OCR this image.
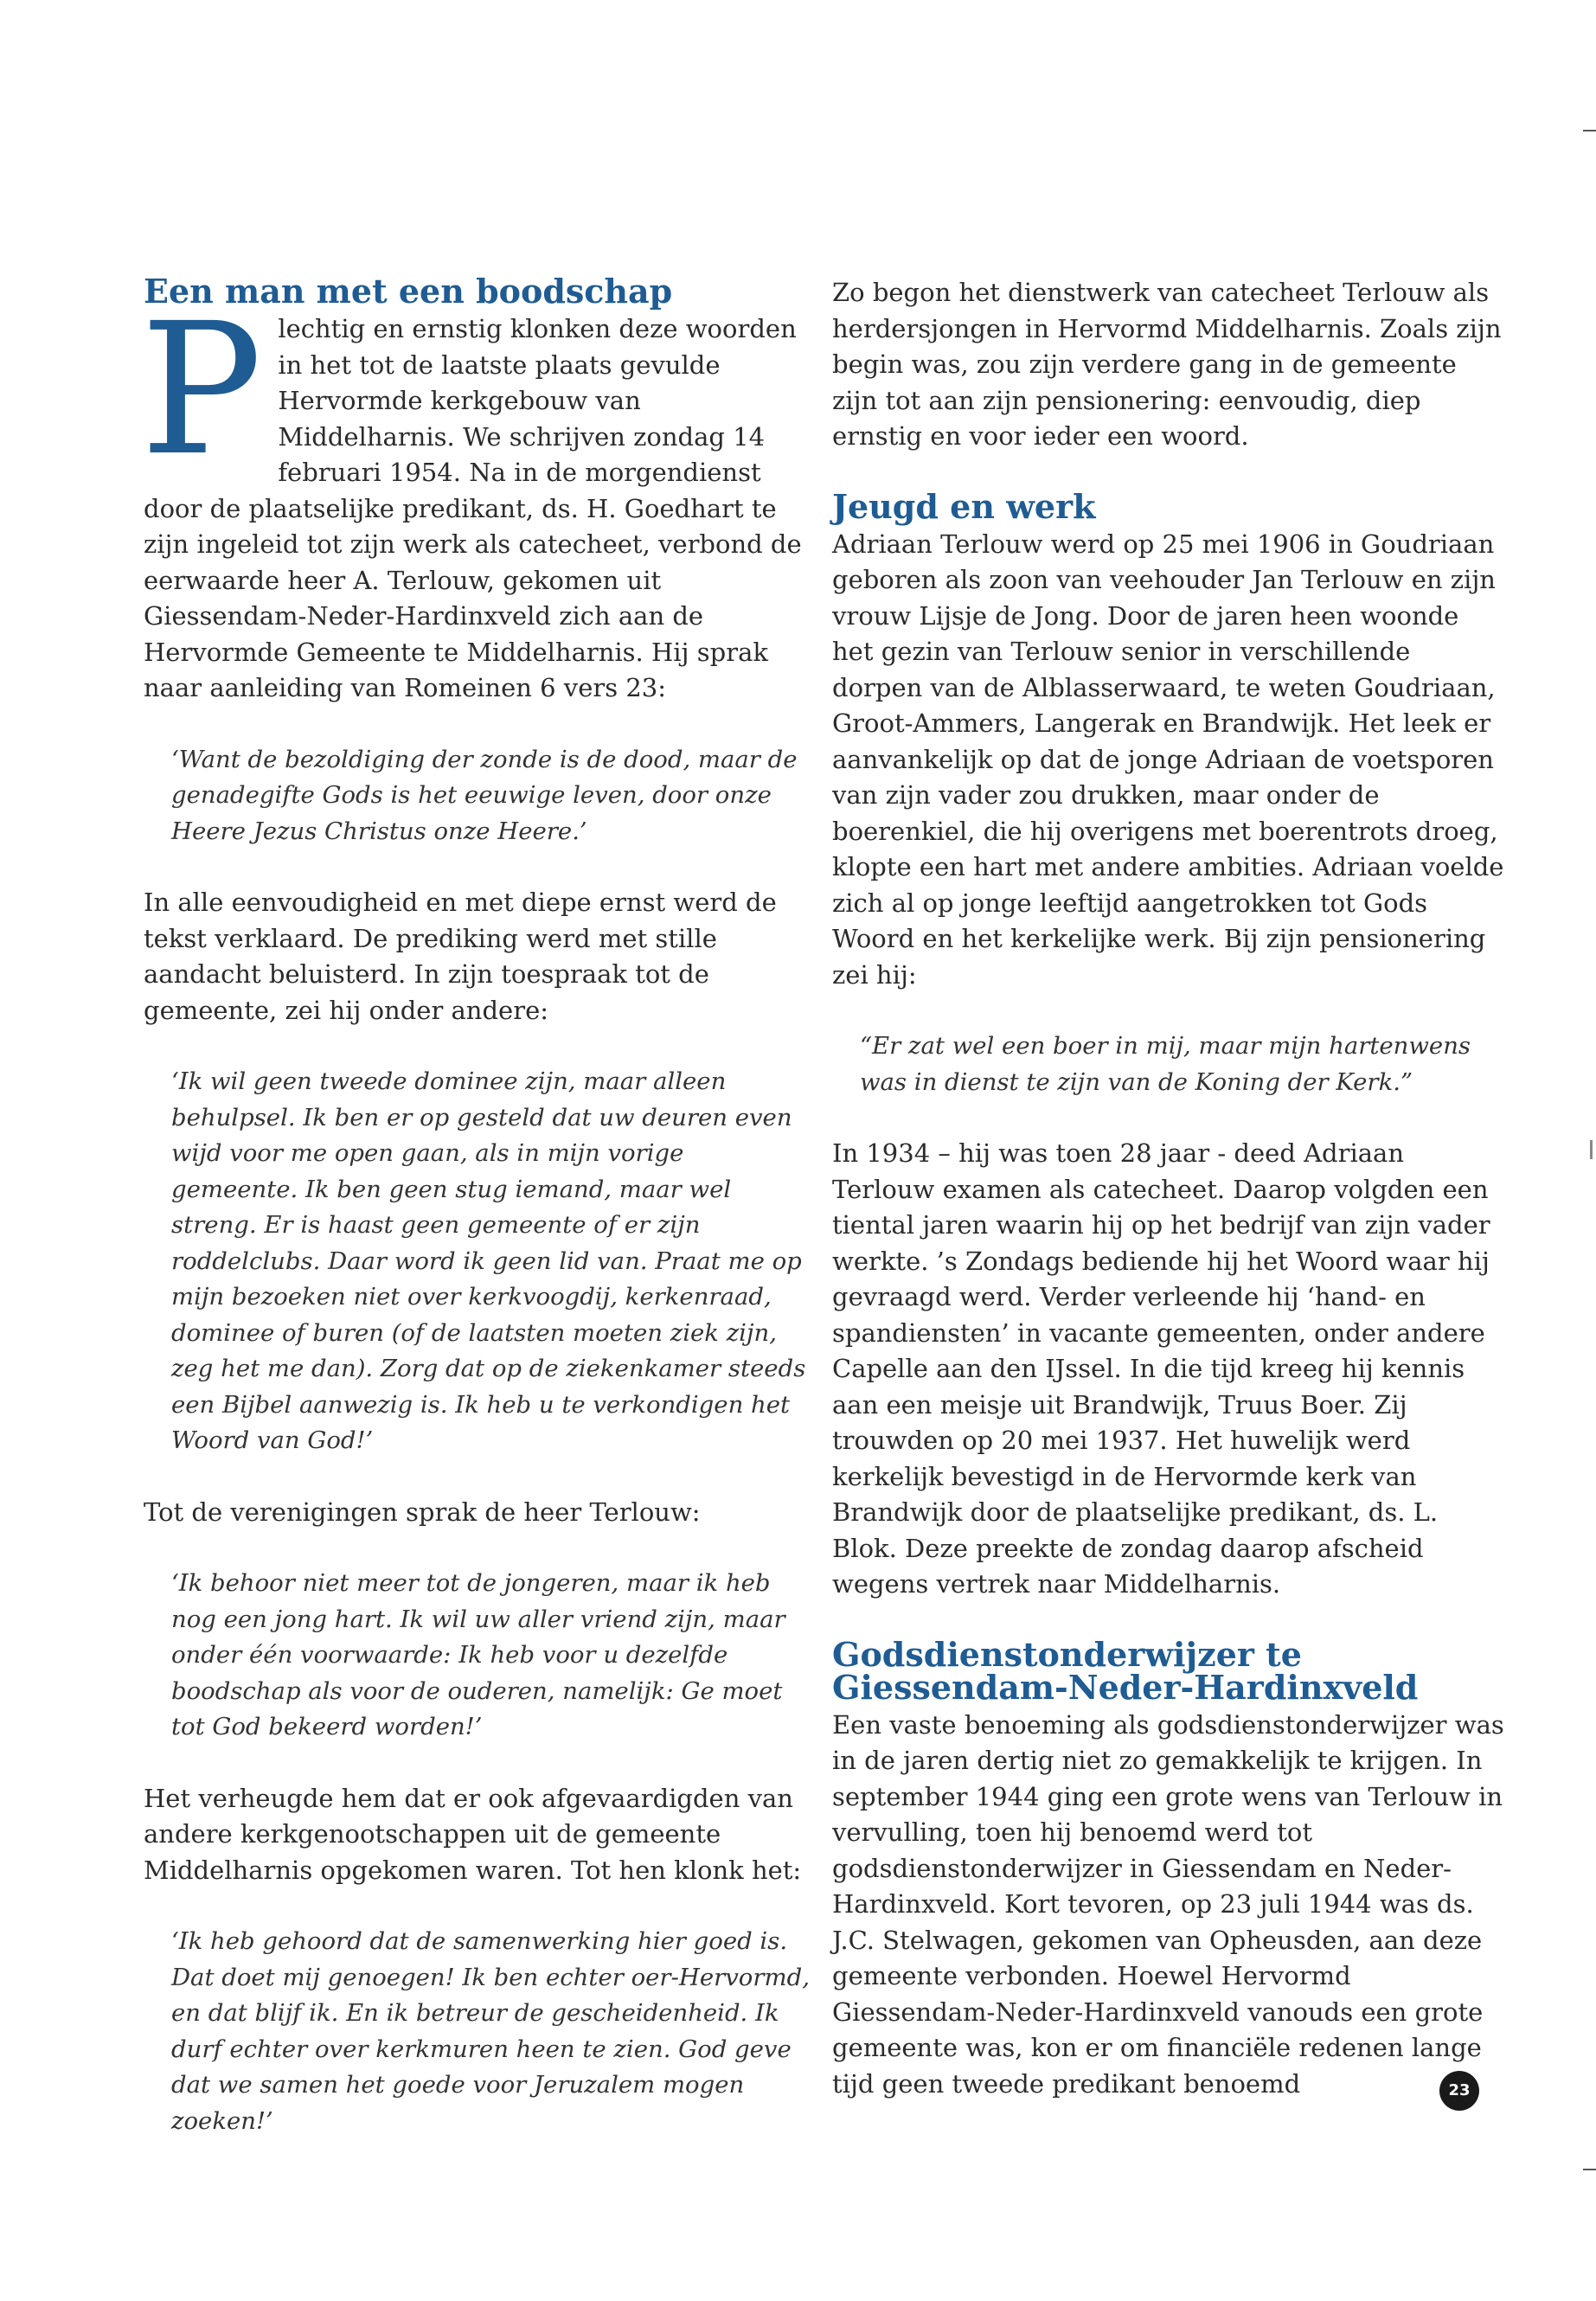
Een man met een boodschap

Plechtig en ernstig klonken deze woorden in het tot de laatste plaats gevulde Hervormde kerkgebouw van Middelharnis. We schrijven zondag 14 februari 1954. Na in de morgendienst door de plaatselijke predikant, ds. H. Goedhart te zijn ingeleid tot zijn werk als catecheet, verbond de eerwaarde heer A. Terlouw, gekomen uit Giessendam-Neder-Hardinxveld zich aan de Hervormde Gemeente te Middelharnis. Hij sprak naar aanleiding van Romeinen 6 vers 23:

‘Want de bezoldiging der zonde is de dood, maar de genadegifte Gods is het eeuwige leven, door onze Heere Jezus Christus onze Heere.’

In alle eenvoudigheid en met diepe ernst werd de tekst verklaard. De prediking werd met stille aandacht beluisterd. In zijn toespraak tot de gemeente, zei hij onder andere:

‘Ik wil geen tweede dominee zijn, maar alleen behulpsel. Ik ben er op gesteld dat uw deuren even wijd voor me open gaan, als in mijn vorige gemeente. Ik ben geen stug iemand, maar wel streng. Er is haast geen gemeente of er zijn roddelclubs. Daar word ik geen lid van. Praat me op mijn bezoeken niet over kerkvoogdij, kerkenraad, dominee of buren (of de laatsten moeten ziek zijn, zeg het me dan). Zorg dat op de ziekenkamer steeds een Bijbel aanwezig is. Ik heb u te verkondigen het Woord van God!’

Tot de verenigingen sprak de heer Terlouw:

‘Ik behoor niet meer tot de jongeren, maar ik heb nog een jong hart. Ik wil uw aller vriend zijn, maar onder één voorwaarde: Ik heb voor u dezelfde boodschap als voor de ouderen, namelijk: Ge moet tot God bekeerd worden!’

Het verheugde hem dat er ook afgevaardigden van andere kerkgenootschappen uit de gemeente Middelharnis opgekomen waren. Tot hen klonk het:

‘Ik heb gehoord dat de samenwerking hier goed is. Dat doet mij genoegen! Ik ben echter oer-Hervormd, en dat blijf ik. En ik betreur de gescheidenheid. Ik durf echter over kerkmuren heen te zien. God geve dat we samen het goede voor Jeruzalem mogen zoeken!’

Zo begon het dienstwerk van catecheet Terlouw als herdersjongen in Hervormd Middelharnis. Zoals zijn begin was, zou zijn verdere gang in de gemeente zijn tot aan zijn pensionering: eenvoudig, diep ernstig en voor ieder een woord.

Jeugd en werk

Adriaan Terlouw werd op 25 mei 1906 in Goudriaan geboren als zoon van veehouder Jan Terlouw en zijn vrouw Lijsje de Jong. Door de jaren heen woonde het gezin van Terlouw senior in verschillende dorpen van de Alblasserwaard, te weten Goudriaan, Groot-Ammers, Langerak en Brandwijk. Het leek er aanvankelijk op dat de jonge Adriaan de voetsporen van zijn vader zou drukken, maar onder de boerenkiel, die hij overigens met boerentrots droeg, klopte een hart met andere ambities. Adriaan voelde zich al op jonge leeftijd aangetrokken tot Gods Woord en het kerkelijke werk. Bij zijn pensionering zei hij:

“Er zat wel een boer in mij, maar mijn hartenwens was in dienst te zijn van de Koning der Kerk.”

In 1934 – hij was toen 28 jaar - deed Adriaan Terlouw examen als catecheet. Daarop volgden een tiental jaren waarin hij op het bedrijf van zijn vader werkte. ’s Zondags bediende hij het Woord waar hij gevraagd werd. Verder verleende hij ‘hand- en spandiensten’ in vacante gemeenten, onder andere Capelle aan den IJssel. In die tijd kreeg hij kennis aan een meisje uit Brandwijk, Truus Boer. Zij trouwden op 20 mei 1937. Het huwelijk werd kerkelijk bevestigd in de Hervormde kerk van Brandwijk door de plaatselijke predikant, ds. L. Blok. Deze preekte de zondag daarop afscheid wegens vertrek naar Middelharnis.

Godsdienstonderwijzer te Giessendam-Neder-Hardinxveld

Een vaste benoeming als godsdienstonderwijzer was in de jaren dertig niet zo gemakkelijk te krijgen. In september 1944 ging een grote wens van Terlouw in vervulling, toen hij benoemd werd tot godsdienstonderwijzer in Giessendam en Neder-Hardinxveld. Kort tevoren, op 23 juli 1944 was ds. J.C. Stelwagen, gekomen van Opheusden, aan deze gemeente verbonden. Hoewel Hervormd Giessendam-Neder-Hardinxveld vanouds een grote gemeente was, kon er om financiële redenen lange tijd geen tweede predikant benoemd	23
